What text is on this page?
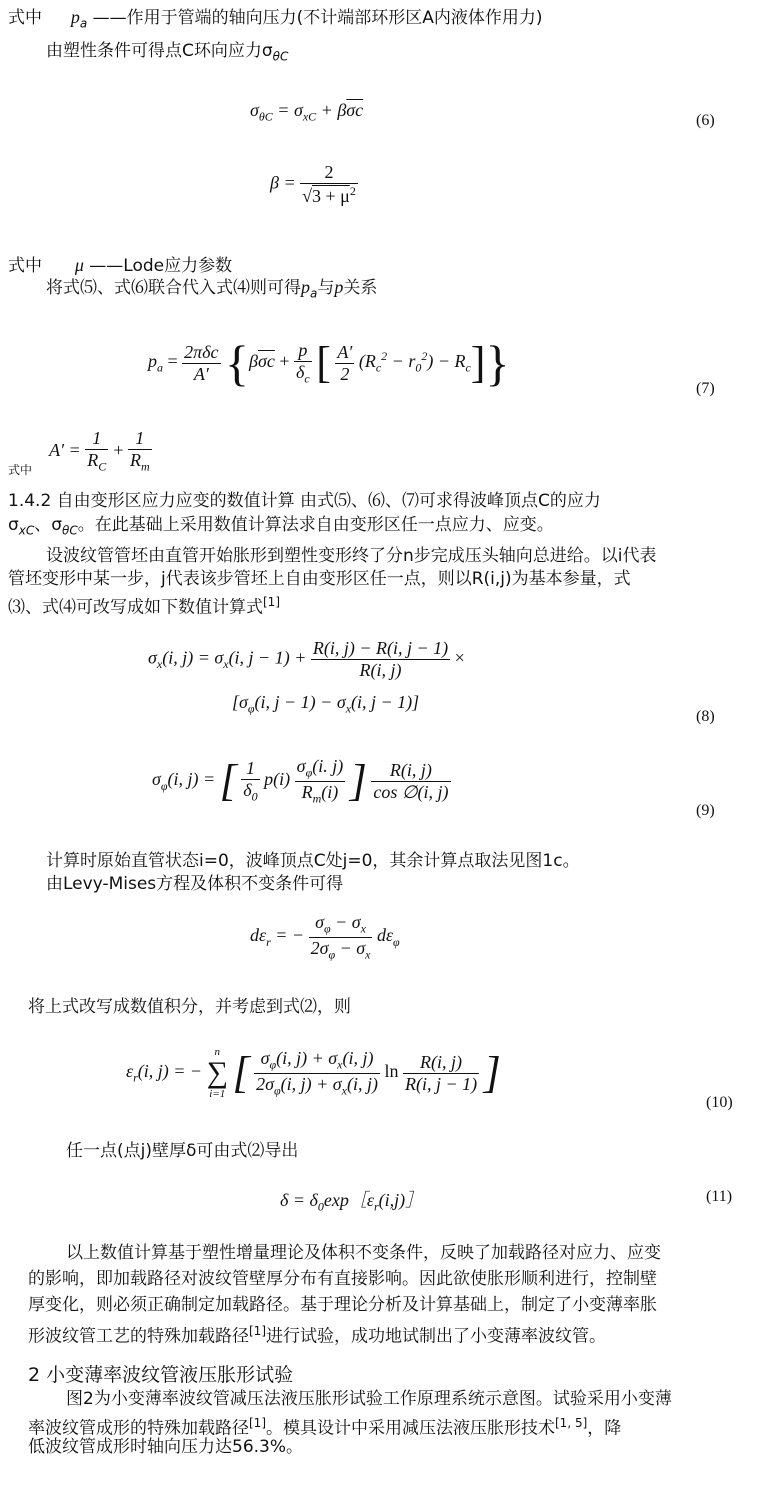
式中 $p_a$ ——作用于管端的轴向压力(不计端部环形区A内液体作用力)
由塑性条件可得点C环向应力$\sigma_{\theta C}$
$\sigma_{\theta C} = \sigma_{xC} + \beta\overline{\sigma c}$
(6)
$\beta = \frac{2}{√3 + \mu^2}$
式中 μ ——Lode应力参数
将式⑸、式⑹联合代入式⑷则可得$p_a$与p关系
$p_a = \frac{\text{2πδc}}{A'} \{\beta\overline{\sigma c} + \frac{p}{\delta_c}$ [ $\frac{A'}{2} (R_c^2 - r_0^2) - R_c$]}	(7)
$_{式中}$ $A' = \frac{1}{R_C} + \frac{1}{R_m}$
1.4.2 自由变形区应力应变的数值计算 由式⑸、⑹、⑺可求得波峰顶点C的应力
$\sigma_{xC}$、$\sigma_{\theta C}$。在此基础上采用数值计算法求自由变形区任一点应力、应变。
设波纹管管坯由直管开始胀形到塑性变形终了分n步完成压头轴向总进给。以i代表
管坯变形中某一步，j代表该步管坯上自由变形区任一点，则以R(i,j)为基本参量，式
⑶、式⑷可改写成如下数值计算式[1]
$\sigma_x(i$, $j) = \sigma_x(i$, $j - 1) + \frac{R(i, j) - R(i, j - 1)}{R(i, j)}$ ×
[$\sigma_\varphi(i$, $j - 1) - \sigma_x(i$, j − 1)]
(8)
$\sigma_\varphi(i$, j) = [ $\frac{1}{\delta_0} p(i) \frac{\sigma_\varphi(i. j)}{R_m(i)}$ ] $\frac{R(i, j)}{\cos \emptyset(i, j)}$
(9)
计算时原始直管状态i=0，波峰顶点C处j=0，其余计算点取法见图1c。
由Levy-Mises方程及体积不变条件可得
$d\varepsilon_r$ = − $\frac{\sigma_\varphi - \sigma_x}{2\sigma_\varphi - \sigma_x} d\varepsilon_\varphi$
将上式改写成数值积分，并考虑到式⑵，则
$\varepsilon_r(i$, j) = −
n
∑
i=1 [ $\frac{\sigma_\varphi(i, j) + \sigma_x(i, j)}{2\sigma_\varphi(i, j) + \sigma_x(i, j)}$ $\ln \frac{R(i, j)}{R(i, j - 1)}$ ]
(10)
任一点(点j)壁厚δ可由式⑵导出
$\delta = \delta_0\exp[\varepsilon_r(i,j)]$	(11)
以上数值计算基于塑性增量理论及体积不变条件，反映了加载路径对应力、应变
的影响，即加载路径对波纹管壁厚分布有直接影响。因此欲使胀形顺利进行，控制壁
厚变化，则必须正确制定加载路径。基于理论分析及计算基础上，制定了小变薄率胀
形波纹管工艺的特殊加载路径[1]进行试验，成功地试制出了小变薄率波纹管。
2 小变薄率波纹管液压胀形试验
图2为小变薄率波纹管减压法液压胀形试验工作原理系统示意图。试验采用小变薄
率波纹管成形的特殊加载路径[1]。模具设计中采用减压法液压胀形技术[1, 5]，降
低波纹管成形时轴向压力达56.3%。
